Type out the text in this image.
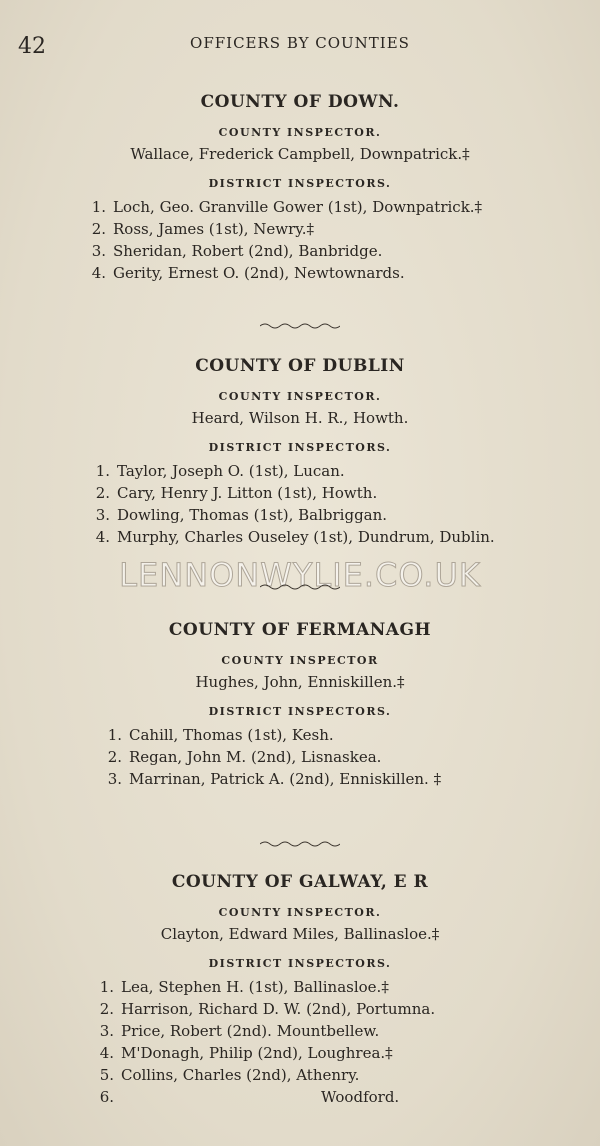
42	OFFICERS BY COUNTIES
COUNTY OF DOWN.
COUNTY INSPECTOR.
Wallace, Frederick Campbell, Downpatrick.‡
DISTRICT INSPECTORS.
1. Loch, Geo. Granville Gower (1st), Downpatrick.‡
2. Ross, James (1st), Newry.‡
3. Sheridan, Robert (2nd), Banbridge.
4. Gerity, Ernest O. (2nd), Newtownards.
COUNTY OF DUBLIN
COUNTY INSPECTOR.
Heard, Wilson H. R., Howth.
DISTRICT INSPECTORS.
1. Taylor, Joseph O. (1st), Lucan.
2. Cary, Henry J. Litton (1st), Howth.
3. Dowling, Thomas (1st), Balbriggan.
4. Murphy, Charles Ouseley (1st), Dundrum, Dublin.
LENNONWYLIE.CO.UK
COUNTY OF FERMANAGH
COUNTY INSPECTOR
Hughes, John, Enniskillen.‡
DISTRICT INSPECTORS.
1. Cahill, Thomas (1st), Kesh.
2. Regan, John M. (2nd), Lisnaskea.
3. Marrinan, Patrick A. (2nd), Enniskillen. ‡
COUNTY OF GALWAY, E R
COUNTY INSPECTOR.
Clayton, Edward Miles, Ballinasloe.‡
DISTRICT INSPECTORS.
1. Lea, Stephen H. (1st), Ballinasloe.‡
2. Harrison, Richard D. W. (2nd), Portumna.
3. Price, Robert (2nd). Mountbellew.
4. M'Donagh, Philip (2nd), Loughrea.‡
5. Collins, Charles (2nd), Athenry.
6.	Woodford.
